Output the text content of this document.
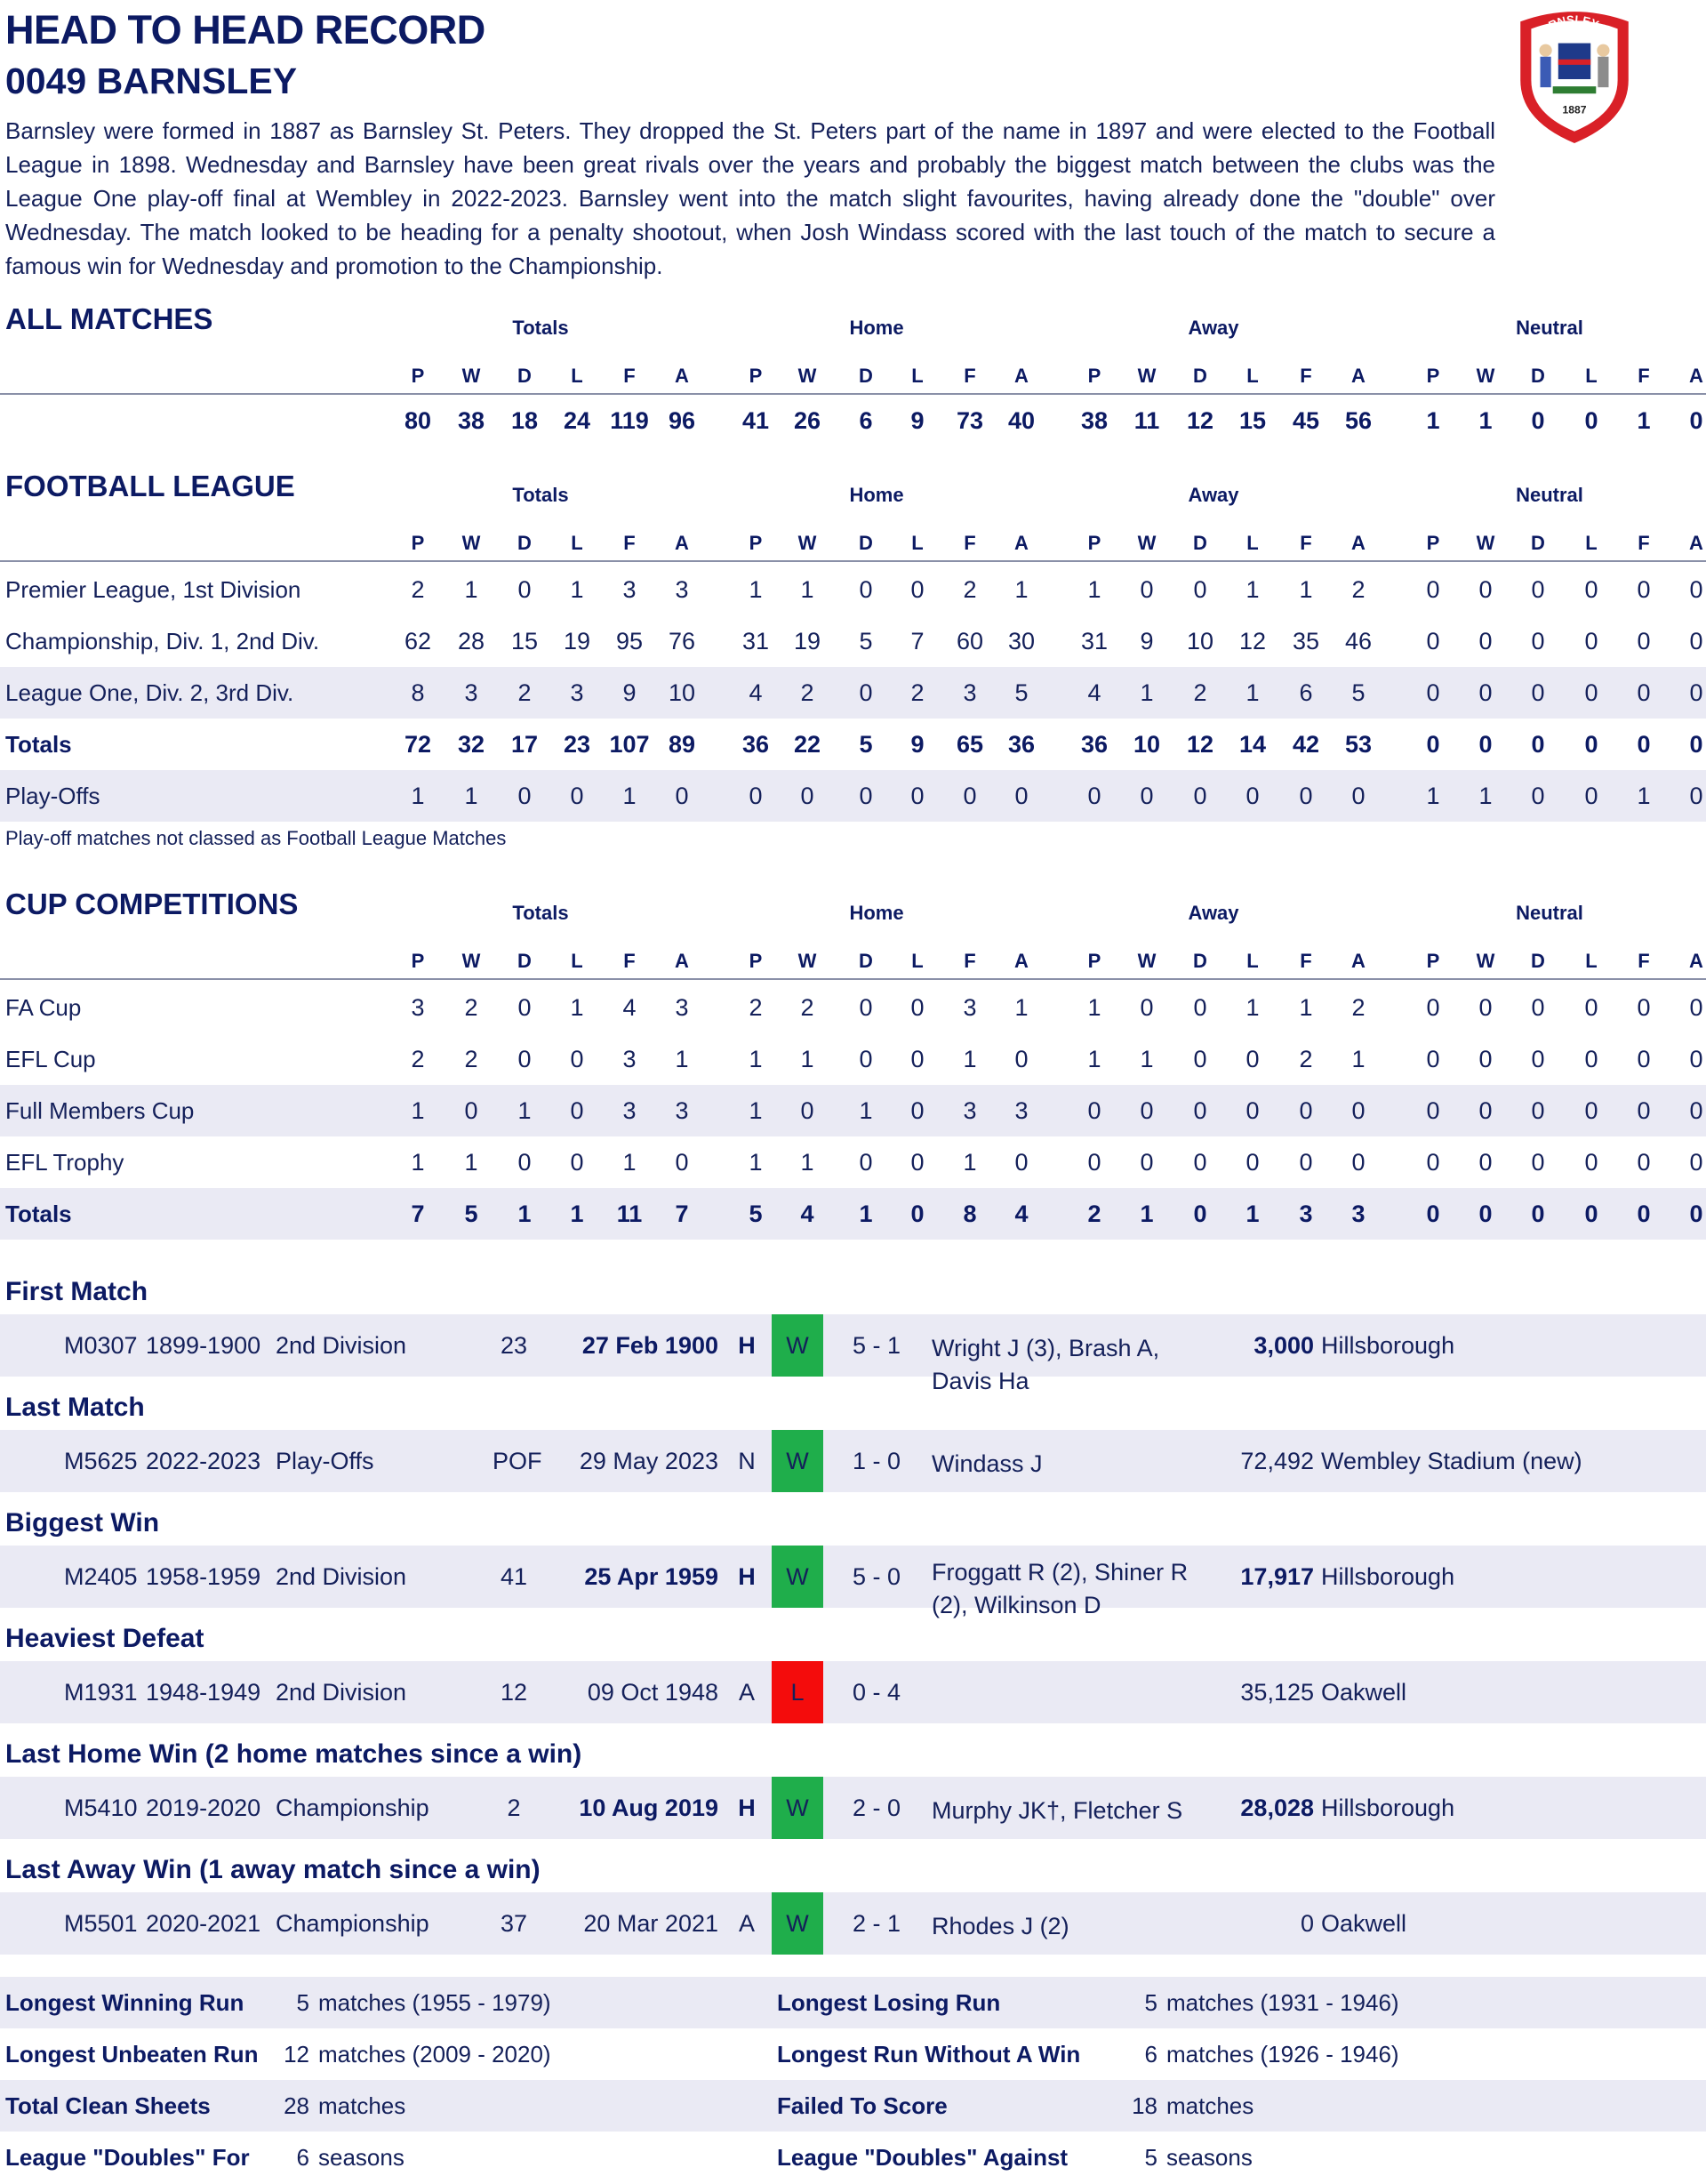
HEAD TO HEAD RECORD
0049 BARNSLEY
Barnsley were formed in 1887 as Barnsley St. Peters. They dropped the St. Peters part of the name in 1897 and were elected to the Football League in 1898. Wednesday and Barnsley have been great rivals over the years and probably the biggest match between the clubs was the League One play-off final at Wembley in 2022-2023. Barnsley went into the match slight favourites, having already done the "double" over Wednesday. The match looked to be heading for a penalty shootout, when Josh Windass scored with the last touch of the match to secure a famous win for Wednesday and promotion to the Championship.
BARNSLEY FC
1887
ALL MATCHES	Totals	Home	Away	Neutral
P	W	D	L	F	A	P	W	D	L	F	A	P	W	D	L	F	A	P	W	D	L	F	A
80	38	18	24 119 96	41	26	6	9	73	40	38	11	12	15	45	56	1	1	0	0	1	0
FOOTBALL LEAGUE	Totals	Home	Away	Neutral
P	W	D	L	F	A	P	W	D	L	F	A	P	W	D	L	F	A	P	W	D	L	F	A
Premier League, 1st Division	2	1	0	1	3	3	1	1	0	0	2	1	1	0	0	1	1	2	0	0	0	0	0	0
Championship, Div. 1, 2nd Div.	62	28	15	19	95	76	31	19	5	7	60	30	31	9	10	12	35	46	0	0	0	0	0	0
League One, Div. 2, 3rd Div.	8	3	2	3	9	10	4	2	0	2	3	5	4	1	2	1	6	5	0	0	0	0	0	0
Totals	72	32	17	23 107 89	36	22	5	9	65	36	36	10	12	14	42	53	0	0	0	0	0	0
Play-Offs	1	1	0	0	1	0	0	0	0	0	0	0	0	0	0	0	0	0	1	1	0	0	1	0
CUP COMPETITIONS	Totals	Home	Away	Neutral
P	W	D	L	F	A	P	W	D	L	F	A	P	W	D	L	F	A	P	W	D	L	F	A
FA Cup	3	2	0	1	4	3	2	2	0	0	3	1	1	0	0	1	1	2	0	0	0	0	0	0
EFL Cup	2	2	0	0	3	1	1	1	0	0	1	0	1	1	0	0	2	1	0	0	0	0	0	0
Full Members Cup	1	0	1	0	3	3	1	0	1	0	3	3	0	0	0	0	0	0	0	0	0	0	0	0
EFL Trophy	1	1	0	0	1	0	1	1	0	0	1	0	0	0	0	0	0	0	0	0	0	0	0	0
Totals	7	5	1	1	11	7	5	4	1	0	8	4	2	1	0	1	3	3	0	0	0	0	0	0
First Match
M0307 1899-1900 2nd Division	23	27 Feb 1900 H	5 - 1	3,000 Hillsborough
W	Wright J (3), Brash A, Davis Ha
Last Match
M5625 2022-2023 Play-Offs	POF	29 May 2023 N	1 - 0	72,492 Wembley Stadium (new)
W	Windass J
Biggest Win
M2405 1958-1959 2nd Division	41	25 Apr 1959 H	5 - 0	17,917 Hillsborough
W	Froggatt R (2), Shiner R (2), Wilkinson D
Heaviest Defeat
M1931 1948-1949 2nd Division	12	09 Oct 1948 A	0 - 4	35,125 Oakwell
L
Last Home Win (2 home matches since a win)
M5410 2019-2020 Championship	2	10 Aug 2019 H	2 - 0	28,028 Hillsborough
W	Murphy JK†, Fletcher S
Last Away Win (1 away match since a win)
M5501 2020-2021 Championship	37	20 Mar 2021 A	2 - 1	0 Oakwell
W	Rhodes J (2)
Longest Winning Run	5 matches (1955 - 1979)	Longest Losing Run	5 matches (1931 - 1946)
Longest Unbeaten Run	12 matches (2009 - 2020)	Longest Run Without A Win	6 matches (1926 - 1946)
Total Clean Sheets	28 matches	Failed To Score	18 matches
League "Doubles" For	6 seasons	League "Doubles" Against	5 seasons
Play-off matches not classed as Football League Matches
